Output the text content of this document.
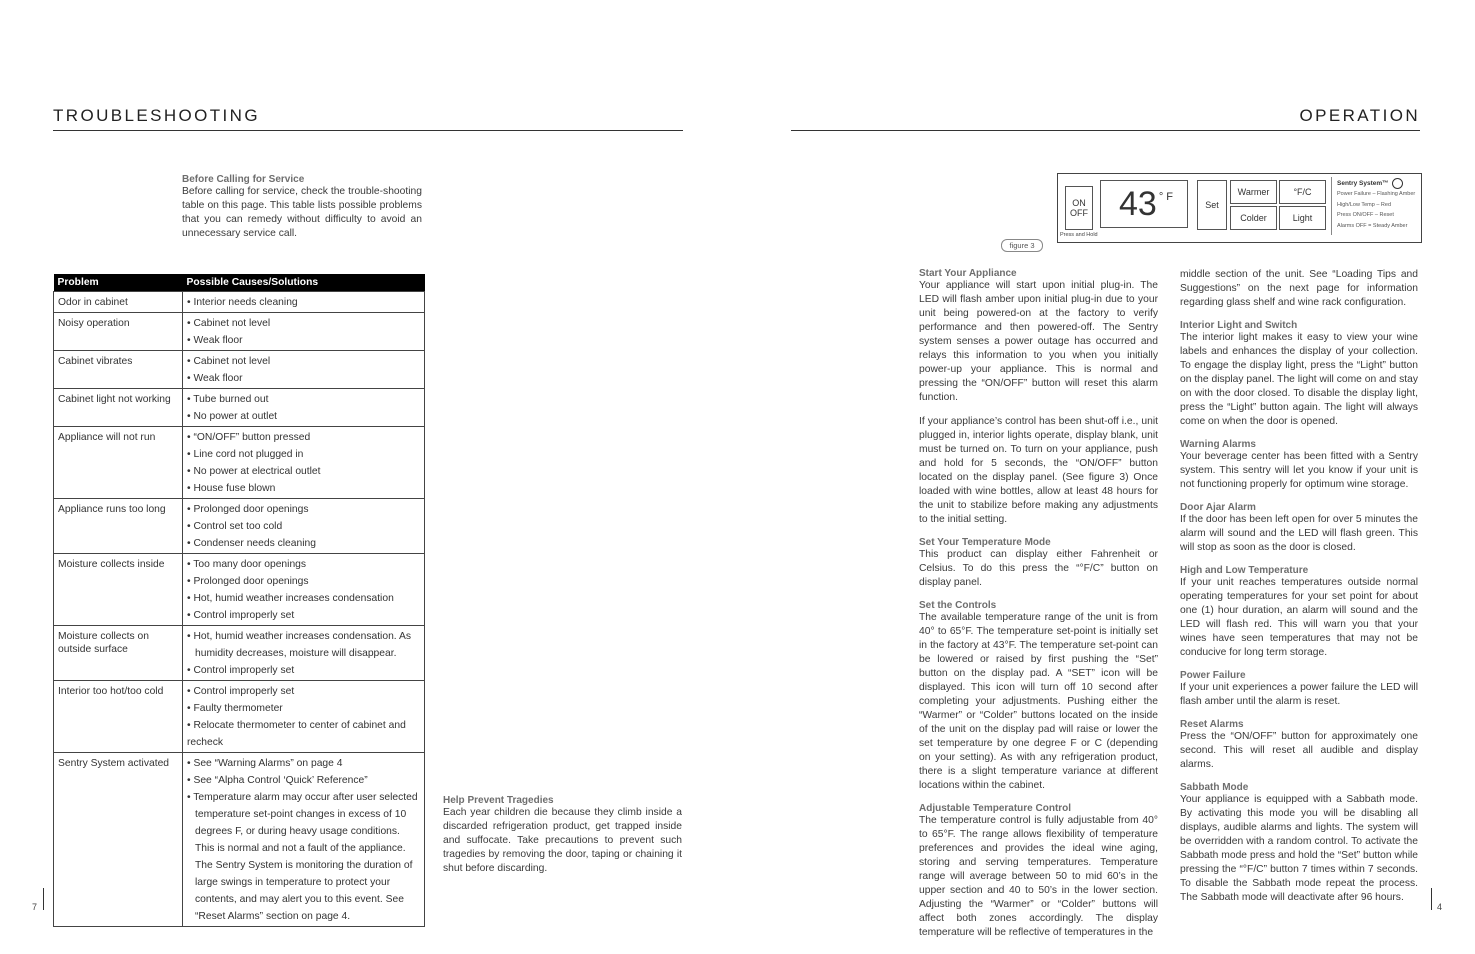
TROUBLESHOOTING

Before Calling for Service

Before calling for service, check the trouble-shooting table on this page. This table lists possible problems that you can remedy without difficulty to avoid an unnecessary service call.

Problem	Possible Causes/Solutions
Odor in cabinet	• Interior needs cleaning

Noisy operation	• Cabinet not level
• Weak floor

Cabinet vibrates	• Cabinet not level
• Weak floor

Cabinet light not working	• Tube burned out
• No power at outlet

Appliance will not run	• “ON/OFF” button pressed
• Line cord not plugged in
• No power at electrical outlet
• House fuse blown

Appliance runs too long	• Prolonged door openings
• Control set too cold
• Condenser needs cleaning

Moisture collects inside	• Too many door openings
• Prolonged door openings
• Hot, humid weather increases condensation
• Control improperly set

Moisture collects on outside surface	• Hot, humid weather increases condensation. As humidity decreases, moisture will disappear.
• Control improperly set

Interior too hot/too cold	• Control improperly set
• Faulty thermometer
• Relocate thermometer to center of cabinet and recheck

Sentry System activated	• See “Warning Alarms” on page 4
• See “Alpha Control ‘Quick’ Reference”
• Temperature alarm may occur after user selected temperature set-point changes in excess of 10 degrees F, or during heavy usage conditions. This is normal and not a fault of the appliance. The Sentry System is monitoring the duration of large swings in temperature to protect your contents, and may alert you to this event. See “Reset Alarms” section on page 4.

Help Prevent Tragedies

Each year children die because they climb inside a discarded refrigeration product, get trapped inside and suffocate. Take precautions to prevent such tragedies by removing the door, taping or chaining it shut before discarding.

7
OPERATION
ON
OFF 43 ° F
Set
Warmer	°F/C
Colder	Light
Press and Hold
Sentry System™
Power Failure – Flashing Amber
High/Low Temp – Red
Press ON/OFF – Reset
Alarms OFF = Steady Amber
figure 3

Start Your Appliance

Your appliance will start upon initial plug-in. The LED will flash amber upon initial plug-in due to your unit being powered-on at the factory to verify performance and then powered-off. The Sentry system senses a power outage has occurred and relays this information to you when you initially power-up your appliance. This is normal and pressing the “ON/OFF” button will reset this alarm function.

If your appliance’s control has been shut-off i.e., unit plugged in, interior lights operate, display blank, unit must be turned on. To turn on your appliance, push and hold for 5 seconds, the “ON/OFF” button located on the display panel. (See figure 3) Once loaded with wine bottles, allow at least 48 hours for the unit to stabilize before making any adjustments to the initial setting.

Set Your Temperature Mode

This product can display either Fahrenheit or Celsius. To do this press the “°F/C” button on display panel.

Set the Controls

The available temperature range of the unit is from 40° to 65°F. The temperature set-point is initially set in the factory at 43°F. The temperature set-point can be lowered or raised by first pushing the “Set” button on the display pad. A “SET” icon will be displayed. This icon will turn off 10 second after completing your adjustments. Pushing either the “Warmer” or “Colder” buttons located on the inside of the unit on the display pad will raise or lower the set temperature by one degree F or C (depending on your setting). As with any refrigeration product, there is a slight temperature variance at different locations within the cabinet.

Adjustable Temperature Control

The temperature control is fully adjustable from 40° to 65°F. The range allows flexibility of temperature preferences and provides the ideal wine aging, storing and serving temperatures. Temperature range will average between 50 to mid 60’s in the upper section and 40 to 50’s in the lower section. Adjusting the “Warmer” or “Colder” buttons will affect both zones accordingly. The display temperature will be reflective of temperatures in the

middle section of the unit. See “Loading Tips and Suggestions” on the next page for information regarding glass shelf and wine rack configuration.

Interior Light and Switch

The interior light makes it easy to view your wine labels and enhances the display of your collection. To engage the display light, press the “Light” button on the display panel. The light will come on and stay on with the door closed. To disable the display light, press the “Light” button again. The light will always come on when the door is opened.

Warning Alarms

Your beverage center has been fitted with a Sentry system. This sentry will let you know if your unit is not functioning properly for optimum wine storage.

Door Ajar Alarm

If the door has been left open for over 5 minutes the alarm will sound and the LED will flash green. This will stop as soon as the door is closed.

High and Low Temperature

If your unit reaches temperatures outside normal operating temperatures for your set point for about one (1) hour duration, an alarm will sound and the LED will flash red. This will warn you that your wines have seen temperatures that may not be conducive for long term storage.

Power Failure

If your unit experiences a power failure the LED will flash amber until the alarm is reset.

Reset Alarms

Press the “ON/OFF” button for approximately one second. This will reset all audible and display alarms.

Sabbath Mode

Your appliance is equipped with a Sabbath mode. By activating this mode you will be disabling all displays, audible alarms and lights. The system will be overridden with a random control. To activate the Sabbath mode press and hold the “Set” button while pressing the “°F/C” button 7 times within 7 seconds. To disable the Sabbath mode repeat the process. The Sabbath mode will deactivate after 96 hours.

4
